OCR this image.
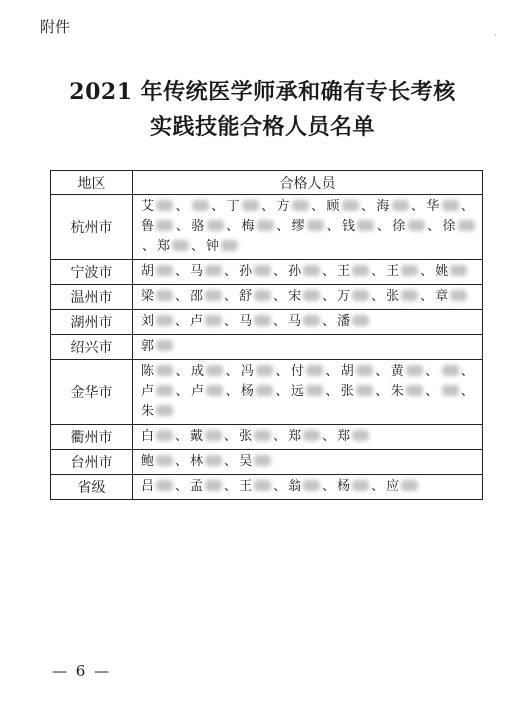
附件	·
2021 年传统医学师承和确有专长考核
实践技能合格人员名单
地区	合格人员
杭州市	艾 、 、丁 、方 、顾 、海 、华 、鲁 、骆 、梅 、缪 、钱 、徐 、徐、郑 、钟
宁波市	胡 、马 、孙 、孙 、王 、王 、姚
温州市	梁 、邵 、舒 、宋 、万 、张 、章
湖州市	刘 、卢 、马 、马 、潘
绍兴市	郭
金华市	陈 、成 、冯 、付 、胡 、黄 、 、卢 、卢 、杨 、远 、张 、朱 、 、朱
衢州市	白 、戴 、张 、郑 、郑
台州市	鲍 、林 、吴
省级	吕 、孟 、王 、翁 、杨 、应
— 6 —
